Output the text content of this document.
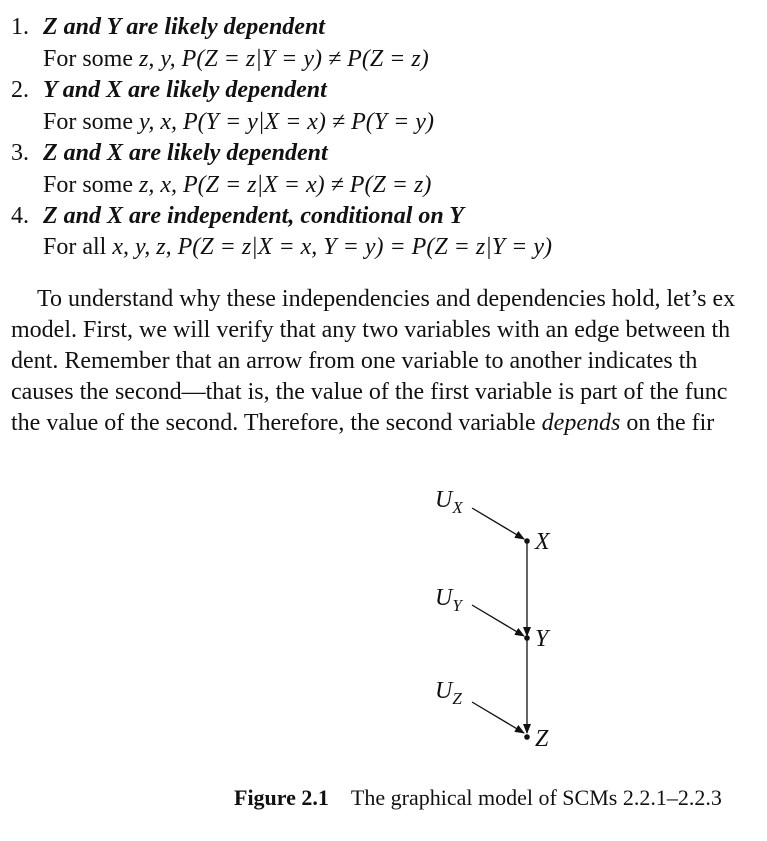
1. Z and Y are likely dependent
For some z, y, P(Z = z|Y = y) ≠ P(Z = z)
2. Y and X are likely dependent
For some y, x, P(Y = y|X = x) ≠ P(Y = y)
3. Z and X are likely dependent
For some z, x, P(Z = z|X = x) ≠ P(Z = z)
4. Z and X are independent, conditional on Y
For all x, y, z, P(Z = z|X = x, Y = y) = P(Z = z|Y = y)
To understand why these independencies and dependencies hold, let’s ex
model. First, we will verify that any two variables with an edge between th
dent. Remember that an arrow from one variable to another indicates th
causes the second—that is, the value of the first variable is part of the func
the value of the second. Therefore, the second variable depends on the fir
$U_X$
$U_Y$
$U_Z$
X
Y
Z
Figure 2.1 The graphical model of SCMs 2.2.1–2.2.3
